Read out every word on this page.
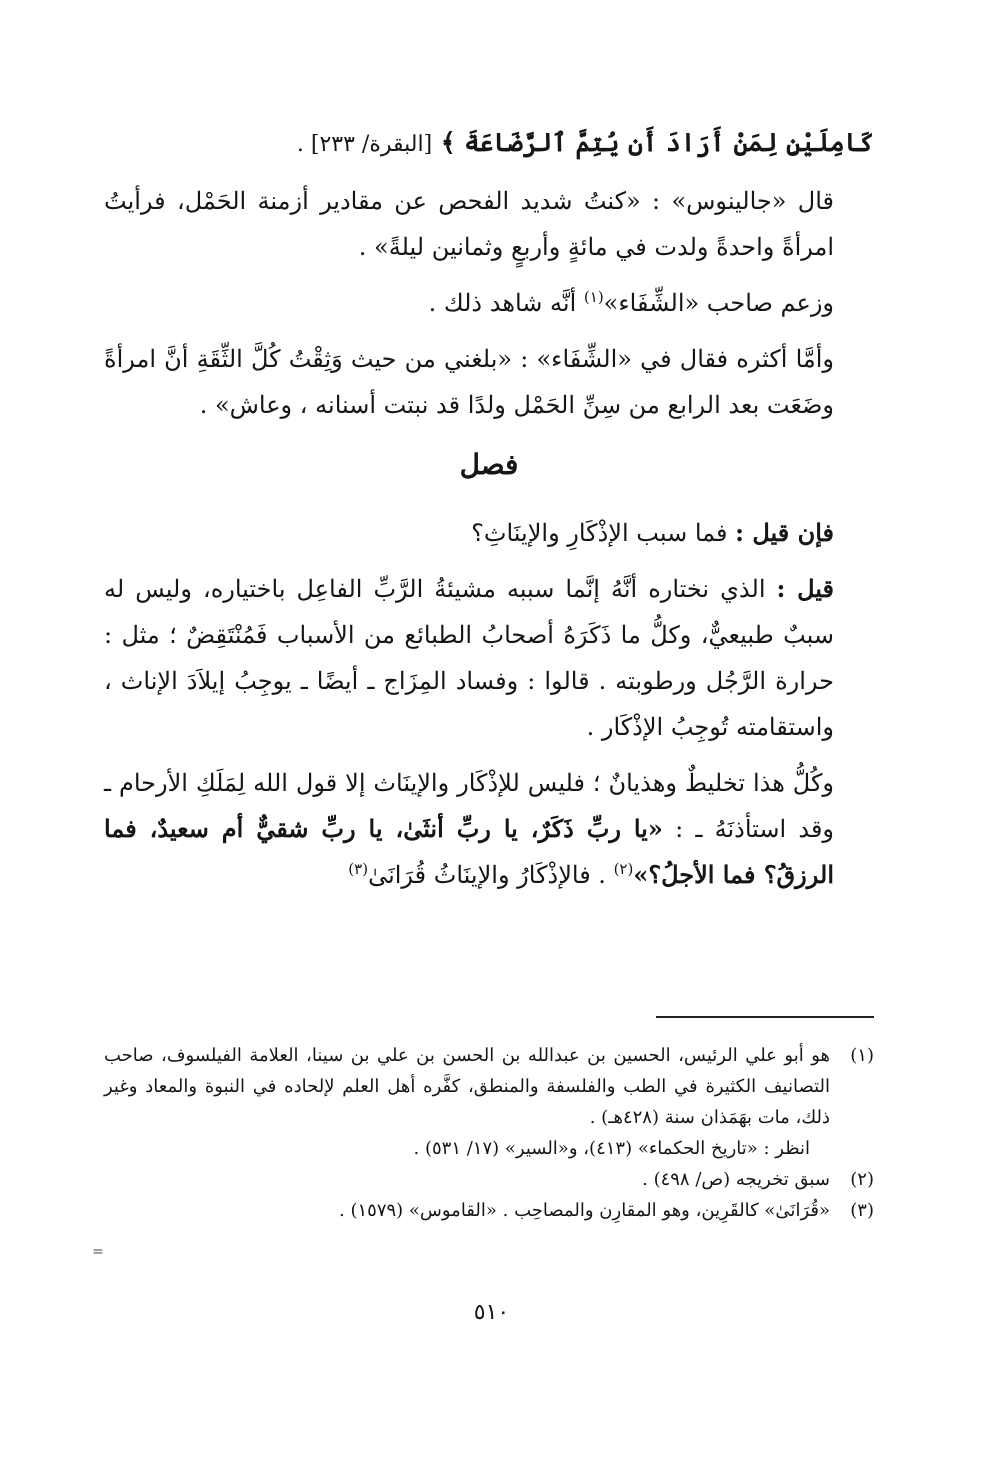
كَامِلَيْنِ لِمَنْ أَرَادَ أَن يُتِمَّ ٱلرَّضَاعَةَ ﴾ [البقرة/ ٢٣٣] .

قال «جالينوس» : «كنتُ شديد الفحص عن مقادير أزمنة الحَمْل، فرأيتُ امرأةً واحدةً ولدت في مائةٍ وأربعٍ وثمانين ليلةً» .

وزعم صاحب «الشِّفَاء»$^{(١)}$ أنَّه شاهد ذلك .

وأمَّا أكثره فقال في «الشِّفَاء» : «بلغني من حيث وَثِقْتُ كُلَّ الثِّقَةِ أنَّ امرأةً وضَعَت بعد الرابع من سِنِّ الحَمْل ولدًا قد نبتت أسنانه ، وعاش» .

فصل

فإن قيل : فما سبب الإذْكَارِ والإينَاثِ؟

قيل : الذي نختاره أنَّهُ إنَّما سببه مشيئةُ الرَّبِّ الفاعِل باختياره، وليس له سببٌ طبيعيٌّ، وكلُّ ما ذَكَرَهُ أصحابُ الطبائع من الأسباب فَمُنْتَقِضٌ ؛ مثل : حرارة الرَّجُل ورطوبته . قالوا : وفساد المِزَاج ـ أيضًا ـ يوجِبُ إيلاَدَ الإناث ، واستقامته تُوجِبُ الإذْكَار .

وكُلُّ هذا تخليطٌ وهذيانٌ ؛ فليس للإذْكَار والإينَاث إلا قول الله لِمَلَكِ الأرحام ـ وقد استأذنَهُ ـ : «يا ربِّ ذَكَرٌ، يا ربِّ أنثَىٰ، يا ربِّ شقيٌّ أم سعيدٌ، فما الرزقُ؟ فما الأجلُ؟»$^{(٢)}$ . فالإذْكَارُ والإينَاثُ قُرَانَىٰ$^{(٣)}$

(١)
هو أبو علي الرئيس، الحسين بن عبدالله بن الحسن بن علي بن سينا، العلامة الفيلسوف، صاحب التصانيف الكثيرة في الطب والفلسفة والمنطق، كفَّره أهل العلم لإلحاده في النبوة والمعاد وغير ذلك، مات بهَمَذان سنة (٤٢٨هـ) .

انظر : «تاريخ الحكماء» (٤١٣)، و«السير» (١٧/ ٥٣١) .

(٢)
سبق تخريجه (ص/ ٤٩٨) .
(٣)
«قُرَانَىٰ» كالقَرِين، وهو المقارِن والمصاحِب . «القاموس» (١٥٧٩) .
=
٥١٠
